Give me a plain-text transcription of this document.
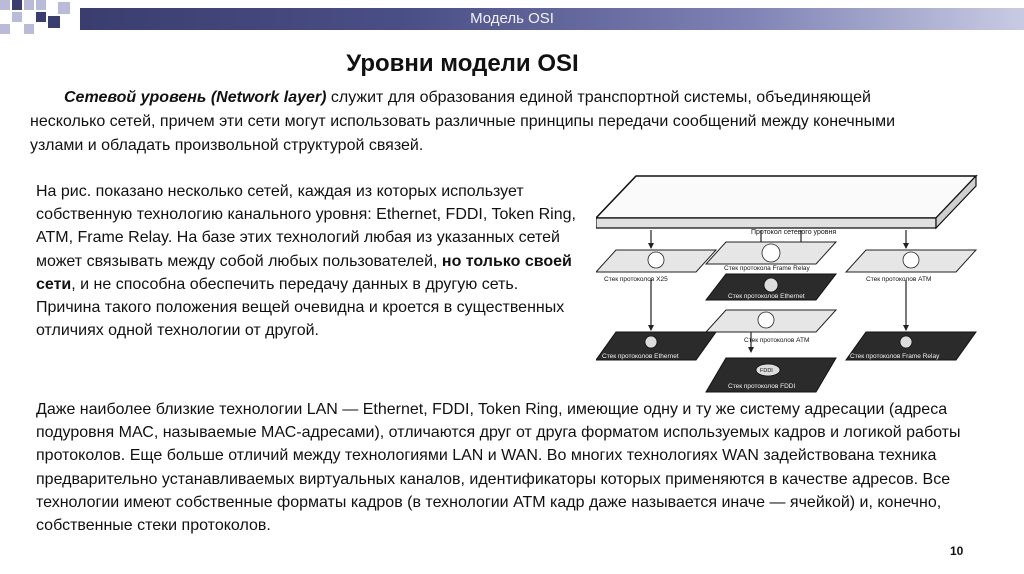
Модель OSI
Уровни модели OSI

Сетевой уровень (Network layer) служит для образования единой транспортной системы, объединяющей несколько сетей, причем эти сети могут использовать различные принципы передачи сообщений между конечными узлами и обладать произвольной структурой связей.

На рис. показано несколько сетей, каждая из которых использует собственную технологию канального уровня: Ethernet, FDDI, Token Ring, ATM, Frame Relay. На базе этих технологий любая из указанных сетей может связывать между собой любых пользователей, но только своей сети, и не способна обеспечить передачу данных в другую сеть. Причина такого положения вещей очевидна и кроется в существенных отличиях одной технологии от другой.

Протокол сетевого уровня
Стек протоколов X25
Стек протокола Frame Relay
Стек протоколов ATM
Стек протоколов Ethernet
Стек протоколов ATM
Стек протоколов Ethernet	Стек протоколов Frame Relay
FDDI
Стек протоколов FDDI

Даже наиболее близкие технологии LAN — Ethernet, FDDI, Token Ring, имеющие одну и ту же систему адресации (адреса подуровня МАС, называемые МАС-адресами), отличаются друг от друга форматом используемых кадров и логикой работы протоколов. Еще больше отличий между технологиями LAN и WAN. Во многих технологиях WAN задействована техника предварительно устанавливаемых виртуальных каналов, идентификаторы которых применяются в качестве адресов. Все технологии имеют собственные форматы кадров (в технологии АТМ кадр даже называется иначе — ячейкой) и, конечно, собственные стеки протоколов.

10
